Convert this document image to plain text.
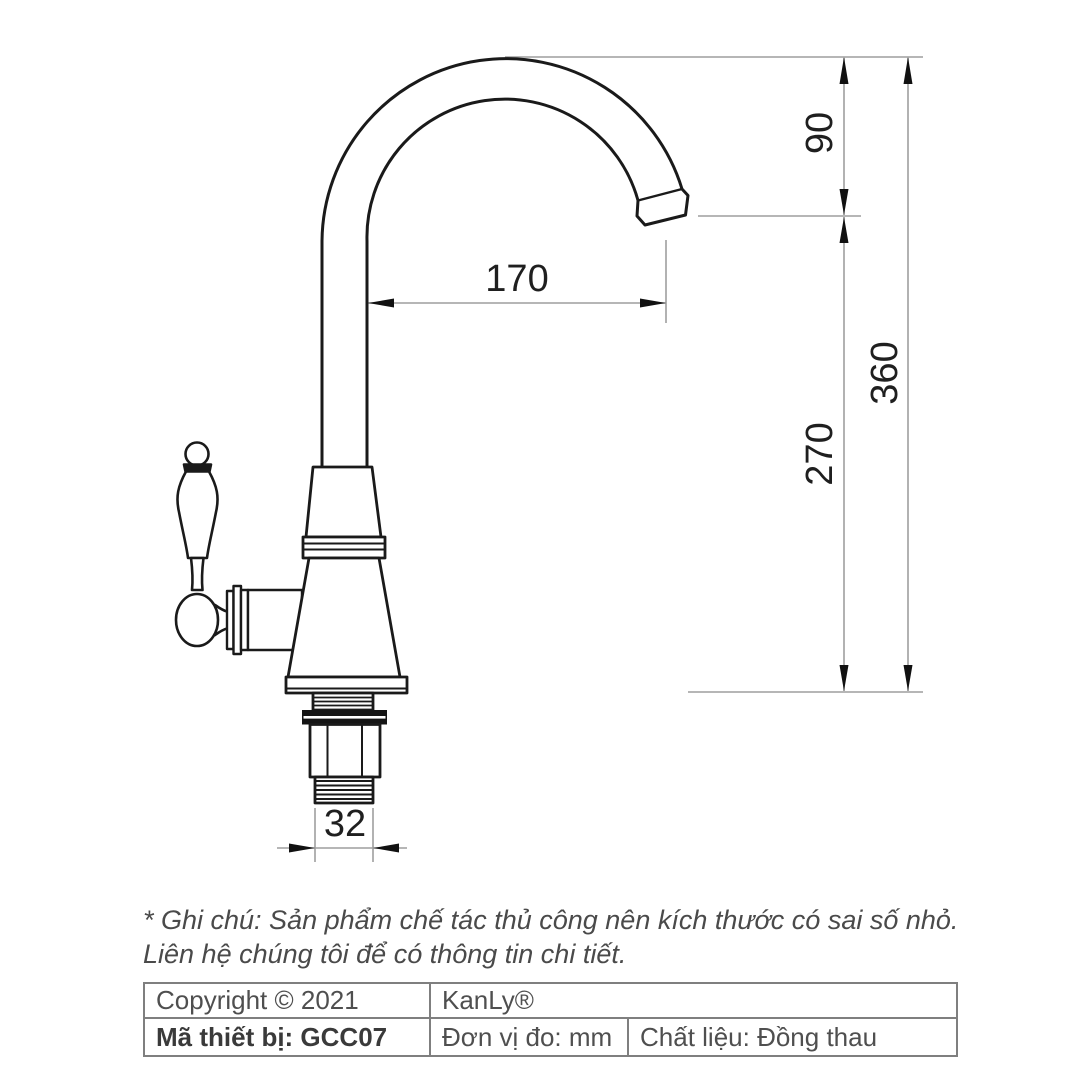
170
90
270
360
32
* Ghi chú: Sản phẩm chế tác thủ công nên kích thước có sai số nhỏ.
Liên hệ chúng tôi để có thông tin chi tiết.
Copyright © 2021	KanLy®
Mã thiết bị: GCC07	Đơn vị đo: mm	Chất liệu: Đồng thau
